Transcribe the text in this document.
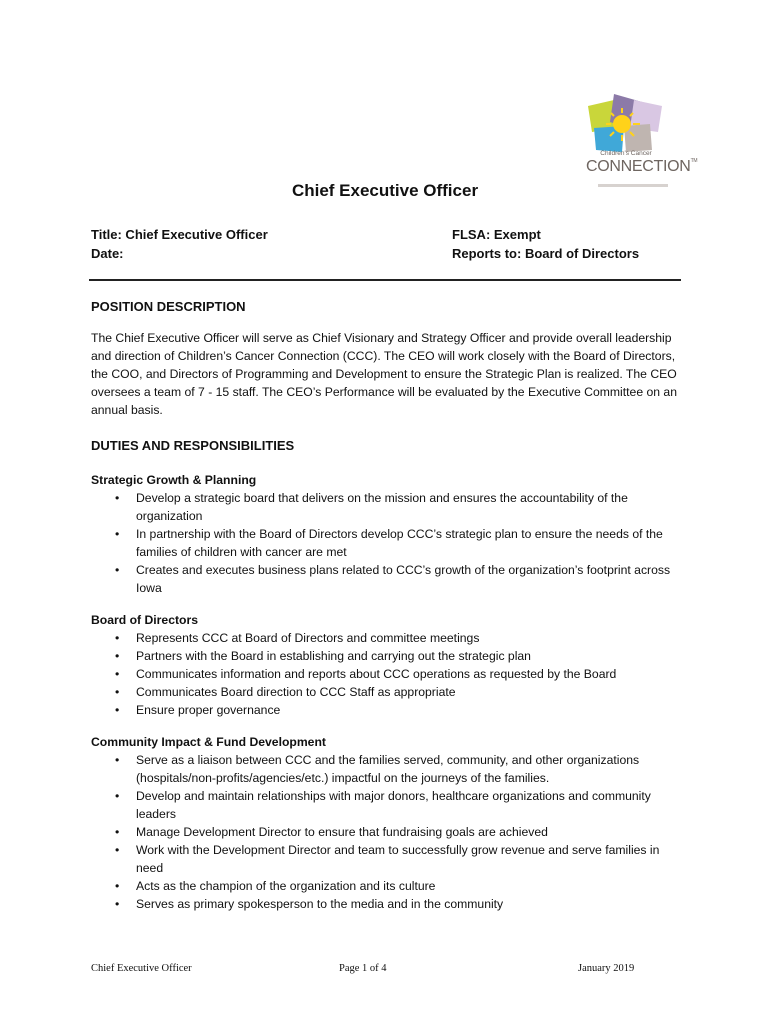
Children's Cancer
CONNECTION™
Chief Executive Officer
Title: Chief Executive Officer
Date:
FLSA: Exempt
Reports to: Board of Directors

POSITION DESCRIPTION

The Chief Executive Officer will serve as Chief Visionary and Strategy Officer and provide overall leadership and direction of Children’s Cancer Connection (CCC). The CEO will work closely with the Board of Directors, the COO, and Directors of Programming and Development to ensure the Strategic Plan is realized. The CEO oversees a team of 7 - 15 staff. The CEO’s Performance will be evaluated by the Executive Committee on an annual basis.

DUTIES AND RESPONSIBILITIES

Strategic Growth & Planning
• Develop a strategic board that delivers on the mission and ensures the accountability of the organization
• In partnership with the Board of Directors develop CCC’s strategic plan to ensure the needs of the families of children with cancer are met
• Creates and executes business plans related to CCC’s growth of the organization’s footprint across Iowa
Board of Directors
• Represents CCC at Board of Directors and committee meetings
• Partners with the Board in establishing and carrying out the strategic plan
• Communicates information and reports about CCC operations as requested by the Board
• Communicates Board direction to CCC Staff as appropriate
• Ensure proper governance
Community Impact & Fund Development
• Serve as a liaison between CCC and the families served, community, and other organizations (hospitals/non-profits/agencies/etc.) impactful on the journeys of the families.
• Develop and maintain relationships with major donors, healthcare organizations and community leaders
• Manage Development Director to ensure that fundraising goals are achieved
• Work with the Development Director and team to successfully grow revenue and serve families in need
• Acts as the champion of the organization and its culture
• Serves as primary spokesperson to the media and in the community
Chief Executive Officer	Page 1 of 4	January 2019
